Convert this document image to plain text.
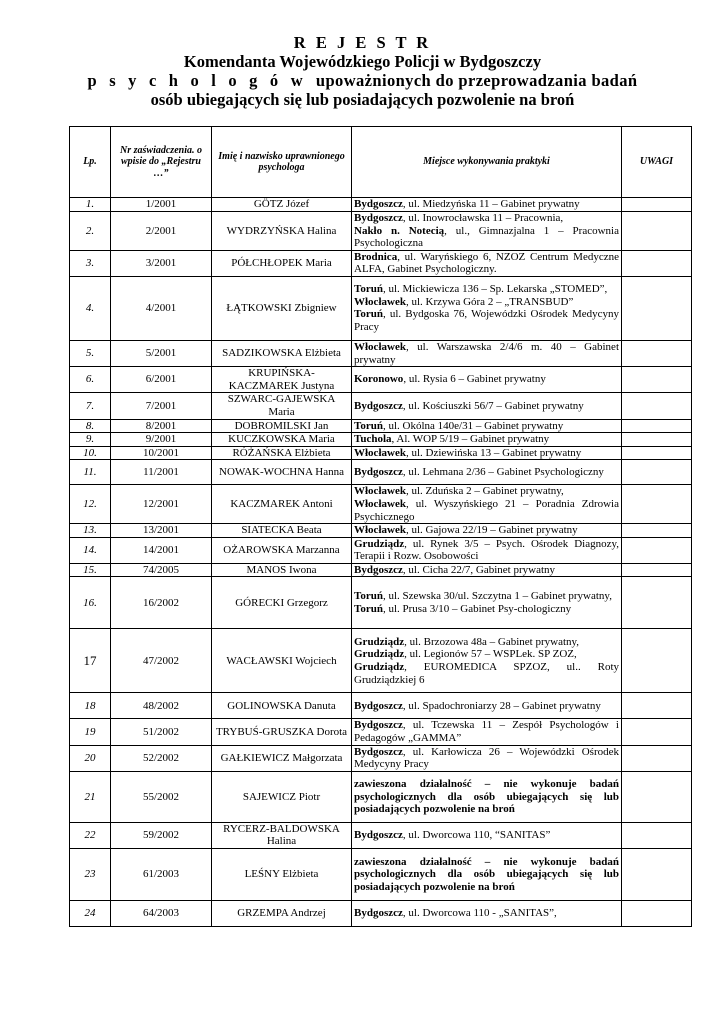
R E J E S T R
Komendanta Wojewódzkiego Policji w Bydgoszczy
p s y c h o l o g ó w upoważnionych do przeprowadzania badań
osób ubiegających się lub posiadających pozwolenie na broń
Lp.	Nr zaświadczenia. o wpisie do „Rejestru …”	Imię i nazwisko uprawnionego psychologa	Miejsce wykonywania praktyki	UWAGI
1.	1/2001	GÖTZ Józef	Bydgoszcz, ul. Miedzyńska 11 – Gabinet prywatny	

2.	2/2001	WYDRZYŃSKA Halina	Bydgoszcz, ul. Inowrocławska 11 – Pracownia,
Nakło n. Notecią, ul., Gimnazjalna 1 – Pracownia Psychologiczna	

3.	3/2001	PÓŁCHŁOPEK Maria	Brodnica, ul. Waryńskiego 6, NZOZ Centrum Medyczne ALFA, Gabinet Psychologiczny.	

4.	4/2001	ŁĄTKOWSKI Zbigniew	Toruń, ul. Mickiewicza 136 – Sp. Lekarska „STOMED”,
Włocławek, ul. Krzywa Góra 2 – „TRANSBUD”
Toruń, ul. Bydgoska 76, Wojewódzki Ośrodek Medycyny Pracy	

5.	5/2001	SADZIKOWSKA Elżbieta	Włocławek, ul. Warszawska 2/4/6 m. 40 – Gabinet prywatny	

6.	6/2001	KRUPIŃSKA-KACZMAREK Justyna	Koronowo, ul. Rysia 6 – Gabinet prywatny	

7.	7/2001	SZWARC-GAJEWSKA Maria	Bydgoszcz, ul. Kościuszki 56/7 – Gabinet prywatny	

8.	8/2001	DOBROMILSKI Jan	Toruń, ul. Okólna 140e/31 – Gabinet prywatny	

9.	9/2001	KUCZKOWSKA Maria	Tuchola, Al. WOP 5/19 – Gabinet prywatny	

10.	10/2001	RÓŻAŃSKA Elżbieta	Włocławek, ul. Dziewińska 13 – Gabinet prywatny	

11.	11/2001	NOWAK-WOCHNA Hanna	Bydgoszcz, ul. Lehmana 2/36 – Gabinet Psychologiczny	

12.	12/2001	KACZMAREK Antoni	Włocławek, ul. Zduńska 2 – Gabinet prywatny,
Włocławek, ul. Wyszyńskiego 21 – Poradnia Zdrowia Psychicznego	

13.	13/2001	SIATECKA Beata	Włocławek, ul. Gajowa 22/19 – Gabinet prywatny	

14.	14/2001	OŻAROWSKA Marzanna	Grudziądz, ul. Rynek 3/5 – Psych. Ośrodek Diagnozy, Terapii i Rozw. Osobowości	

15.	74/2005	MANOS Iwona	Bydgoszcz, ul. Cicha 22/7, Gabinet prywatny	

16.	16/2002	GÓRECKI Grzegorz	Toruń, ul. Szewska 30/ul. Szczytna 1 – Gabinet prywatny,
Toruń, ul. Prusa 3/10 – Gabinet Psy-chologiczny	

17	47/2002	WACŁAWSKI Wojciech	Grudziądz, ul. Brzozowa 48a – Gabinet prywatny,
Grudziądz, ul. Legionów 57 – WSPLek. SP ZOZ,
Grudziądz, EUROMEDICA SPZOZ, ul.. Roty Grudziądzkiej 6	

18	48/2002	GOLINOWSKA Danuta	Bydgoszcz, ul. Spadochroniarzy 28 – Gabinet prywatny	

19	51/2002	TRYBUŚ-GRUSZKA Dorota	Bydgoszcz, ul. Tczewska 11 – Zespół Psychologów i Pedagogów „GAMMA”	

20	52/2002	GAŁKIEWICZ Małgorzata	Bydgoszcz, ul. Karłowicza 26 – Wojewódzki Ośrodek Medycyny Pracy	

21	55/2002	SAJEWICZ Piotr	zawieszona działalność – nie wykonuje badań psychologicznych dla osób ubiegających się lub posiadających pozwolenie na broń	

22	59/2002	RYCERZ-BALDOWSKA Halina	Bydgoszcz, ul. Dworcowa 110, “SANITAS”	

23	61/2003	LEŚNY Elżbieta	zawieszona działalność – nie wykonuje badań psychologicznych dla osób ubiegających się lub posiadających pozwolenie na broń	

24	64/2003	GRZEMPA Andrzej	Bydgoszcz, ul. Dworcowa 110 - „SANITAS”,	
